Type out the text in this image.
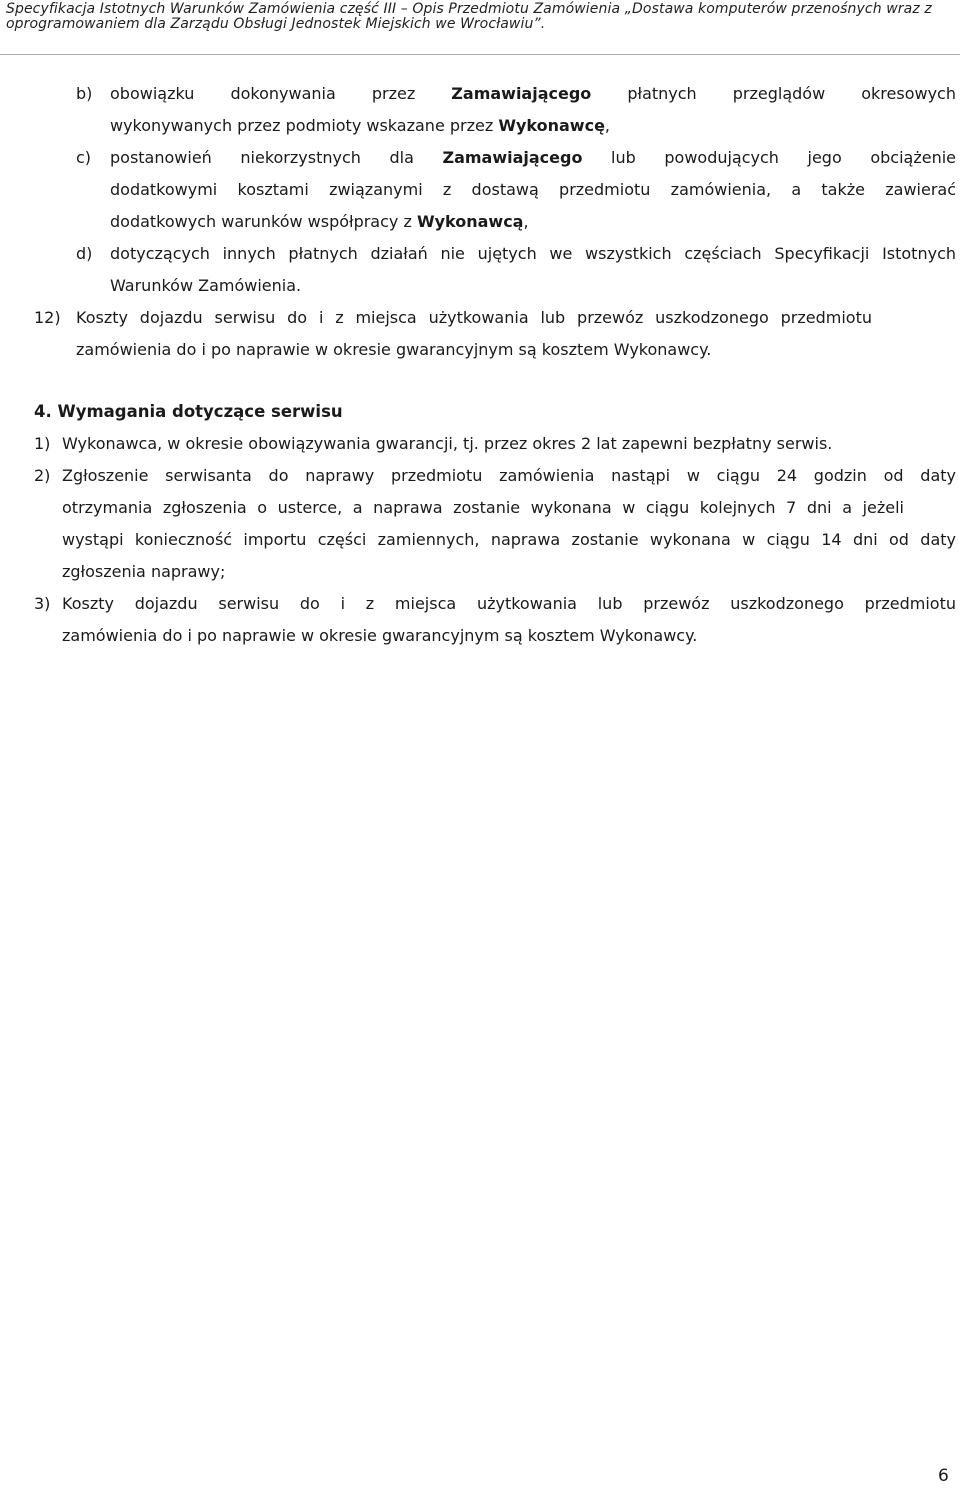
Specyfikacja Istotnych Warunków Zamówienia część III – Opis Przedmiotu Zamówienia „Dostawa komputerów przenośnych wraz z
oprogramowaniem dla Zarządu Obsługi Jednostek Miejskich we Wrocławiu”.
b) obowiązku dokonywania przez Zamawiającego płatnych przeglądów okresowych
wykonywanych przez podmioty wskazane przez Wykonawcę,
c) postanowień niekorzystnych dla Zamawiającego lub powodujących jego obciążenie
dodatkowymi kosztami związanymi z dostawą przedmiotu zamówienia, a także zawierać
dodatkowych warunków współpracy z Wykonawcą,
d) dotyczących innych płatnych działań nie ujętych we wszystkich częściach Specyfikacji Istotnych
Warunków Zamówienia.
12) Koszty dojazdu serwisu do i z miejsca użytkowania lub przewóz uszkodzonego przedmiotu
zamówienia do i po naprawie w okresie gwarancyjnym są kosztem Wykonawcy.
4. Wymagania dotyczące serwisu
1) Wykonawca, w okresie obowiązywania gwarancji, tj. przez okres 2 lat zapewni bezpłatny serwis.
2) Zgłoszenie serwisanta do naprawy przedmiotu zamówienia nastąpi w ciągu 24 godzin od daty
otrzymania zgłoszenia o usterce, a naprawa zostanie wykonana w ciągu kolejnych 7 dni a jeżeli
wystąpi konieczność importu części zamiennych, naprawa zostanie wykonana w ciągu 14 dni od daty
zgłoszenia naprawy;
3) Koszty dojazdu serwisu do i z miejsca użytkowania lub przewóz uszkodzonego przedmiotu
zamówienia do i po naprawie w okresie gwarancyjnym są kosztem Wykonawcy.
6
